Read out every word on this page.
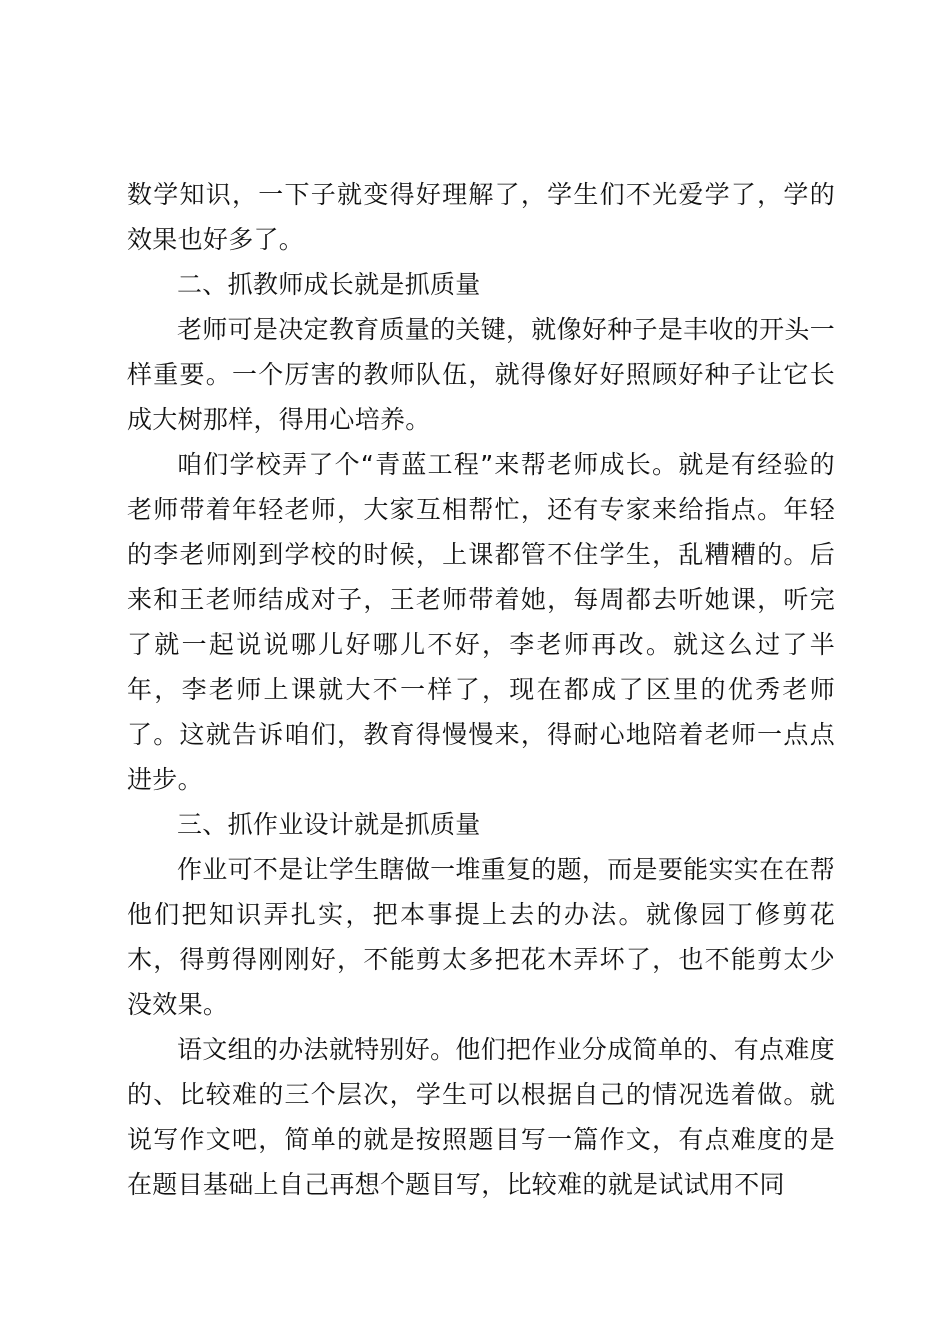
数学知识，一下子就变得好理解了，学生们不光爱学了，学的效果也好多了。

二、抓教师成长就是抓质量

老师可是决定教育质量的关键，就像好种子是丰收的开头一样重要。一个厉害的教师队伍，就得像好好照顾好种子让它长成大树那样，得用心培养。

咱们学校弄了个“青蓝工程”来帮老师成长。就是有经验的老师带着年轻老师，大家互相帮忙，还有专家来给指点。年轻的李老师刚到学校的时候，上课都管不住学生，乱糟糟的。后来和王老师结成对子，王老师带着她，每周都去听她课，听完了就一起说说哪儿好哪儿不好，李老师再改。就这么过了半年，李老师上课就大不一样了，现在都成了区里的优秀老师了。这就告诉咱们，教育得慢慢来，得耐心地陪着老师一点点进步。

三、抓作业设计就是抓质量

作业可不是让学生瞎做一堆重复的题，而是要能实实在在帮他们把知识弄扎实，把本事提上去的办法。就像园丁修剪花木，得剪得刚刚好，不能剪太多把花木弄坏了，也不能剪太少没效果。

语文组的办法就特别好。他们把作业分成简单的、有点难度的、比较难的三个层次，学生可以根据自己的情况选着做。就说写作文吧，简单的就是按照题目写一篇作文，有点难度的是在题目基础上自己再想个题目写，比较难的就是试试用不同
